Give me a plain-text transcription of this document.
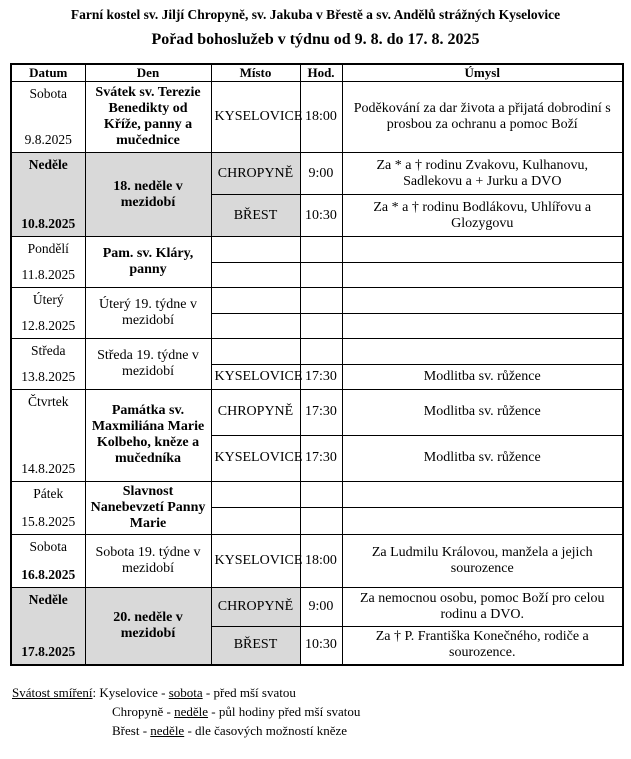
Farní kostel sv. Jiljí Chropyně, sv. Jakuba v Břestě a sv. Andělů strážných Kyselovice
Pořad bohoslužeb v týdnu od 9. 8. do 17. 8. 2025
Datum	Den	Místo	Hod.	Úmysl

Sobota
9.8.2025	Svátek sv. Terezie Benedikty od Kříže, panny a mučednice	KYSELOVICE	18:00	Poděkování za dar života a přijatá dobrodiní s prosbou za ochranu a pomoc Boží

Neděle
10.8.2025	18. neděle v mezidobí	CHROPYNĚ	9:00	Za * a † rodinu Zvakovu, Kulhanovu, Sadlekovu a + Jurku a DVO
		BŘEST	10:30	Za * a † rodinu Bodlákovu, Uhlířovu a Glozygovu

Pondělí
11.8.2025	Pam. sv. Kláry, panny			

Úterý
12.8.2025	Úterý 19. týdne v mezidobí			

Středa
13.8.2025	Středa 19. týdne v mezidobí			
		KYSELOVICE	17:30	Modlitba sv. růžence

Čtvrtek
14.8.2025	Památka sv. Maxmiliána Marie Kolbeho, kněze a mučedníka	CHROPYNĚ	17:30	Modlitba sv. růžence
		KYSELOVICE	17:30	Modlitba sv. růžence

Pátek
15.8.2025	Slavnost Nanebevzetí Panny Marie			

Sobota
16.8.2025	Sobota 19. týdne v mezidobí	KYSELOVICE	18:00	Za Ludmilu Královou, manžela a jejich sourozence

Neděle
17.8.2025	20. neděle v mezidobí	CHROPYNĚ	9:00	Za nemocnou osobu, pomoc Boží pro celou rodinu a DVO.
		BŘEST	10:30	Za † P. Františka Konečného, rodiče a sourozence.
Svátost smíření: Kyselovice - sobota - před mší svatou
Chropyně - neděle - půl hodiny před mší svatou
Břest - neděle - dle časových možností kněze
